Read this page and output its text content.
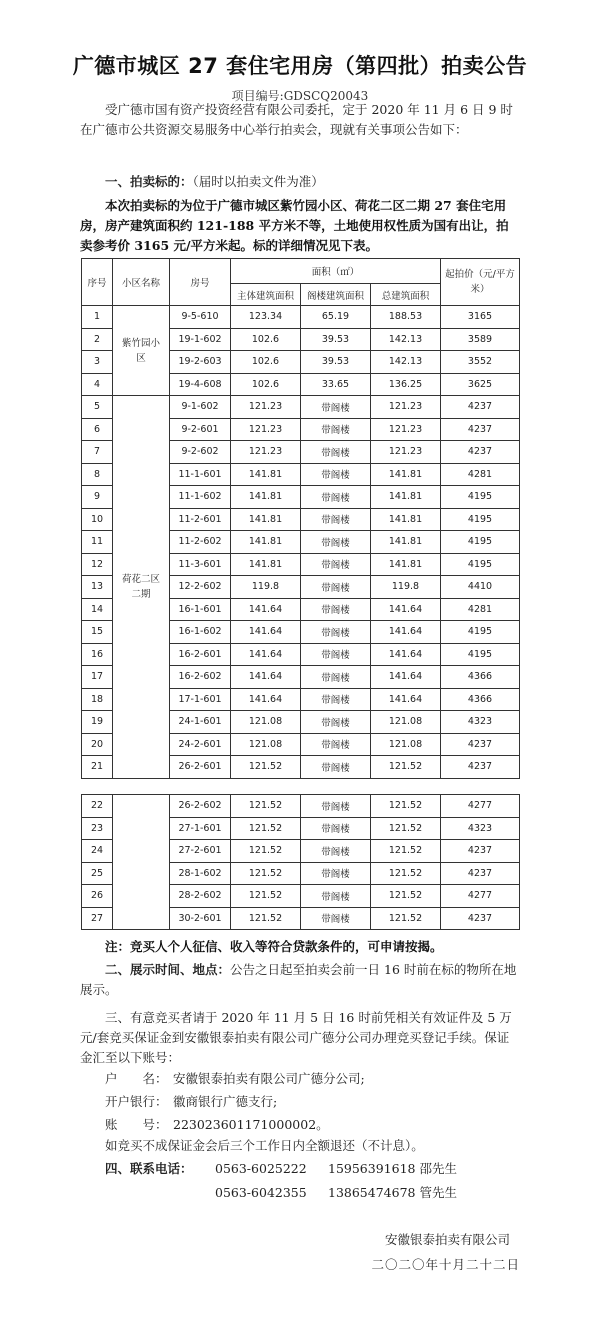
广德市城区 27 套住宅用房（第四批）拍卖公告
项目编号:GDSCQ20043

受广德市国有资产投资经营有限公司委托，定于 2020 年 11 月 6 日 9 时在广德市公共资源交易服务中心举行拍卖会，现就有关事项公告如下：

一、拍卖标的：（届时以拍卖文件为准）

本次拍卖标的为位于广德市城区紫竹园小区、荷花二区二期 27 套住宅用房，房产建筑面积约 121-188 平方米不等，土地使用权性质为国有出让，拍卖参考价 3165 元/平方米起。标的详细情况见下表。

序号	小区名称	房号	面积（㎡）			起拍价（元/平方米）
			主体建筑面积	阁楼建筑面积	总建筑面积	
1	紫竹园小区	9-5-610	123.34	65.19	188.53	3165
2		19-1-602	102.6	39.53	142.13	3589
3		19-2-603	102.6	39.53	142.13	3552
4		19-4-608	102.6	33.65	136.25	3625
5	荷花二区二期	9-1-602	121.23	带阁楼	121.23	4237
6		9-2-601	121.23	带阁楼	121.23	4237
7		9-2-602	121.23	带阁楼	121.23	4237
8		11-1-601	141.81	带阁楼	141.81	4281
9		11-1-602	141.81	带阁楼	141.81	4195
10		11-2-601	141.81	带阁楼	141.81	4195
11		11-2-602	141.81	带阁楼	141.81	4195
12		11-3-601	141.81	带阁楼	141.81	4195
13		12-2-602	119.8	带阁楼	119.8	4410
14		16-1-601	141.64	带阁楼	141.64	4281
15		16-1-602	141.64	带阁楼	141.64	4195
16		16-2-601	141.64	带阁楼	141.64	4195
17		16-2-602	141.64	带阁楼	141.64	4366
18		17-1-601	141.64	带阁楼	141.64	4366
19		24-1-601	121.08	带阁楼	121.08	4323
20		24-2-601	121.08	带阁楼	121.08	4237
21		26-2-601	121.52	带阁楼	121.52	4237
22		26-2-602	121.52	带阁楼	121.52	4277
23		27-1-601	121.52	带阁楼	121.52	4323
24		27-2-601	121.52	带阁楼	121.52	4237
25		28-1-602	121.52	带阁楼	121.52	4237
26		28-2-602	121.52	带阁楼	121.52	4277
27		30-2-601	121.52	带阁楼	121.52	4237

注：竞买人个人征信、收入等符合贷款条件的，可申请按揭。

二、展示时间、地点：公告之日起至拍卖会前一日 16 时前在标的物所在地展示。

三、有意竞买者请于 2020 年 11 月 5 日 16 时前凭相关有效证件及 5 万元/套竞买保证金到安徽银泰拍卖有限公司广德分公司办理竞买登记手续。保证金汇至以下账号：

户　　名： 安徽银泰拍卖有限公司广德分公司;
开户银行： 徽商银行广德支行;
账　　号： 223023601171000002。

如竞买不成保证金会后三个工作日内全额退还（不计息）。

四、联系电话： 0563-6025222 15956391618 邵先生
0563-6042355 13865474678 管先生
安徽银泰拍卖有限公司
二〇二〇年十月二十二日
